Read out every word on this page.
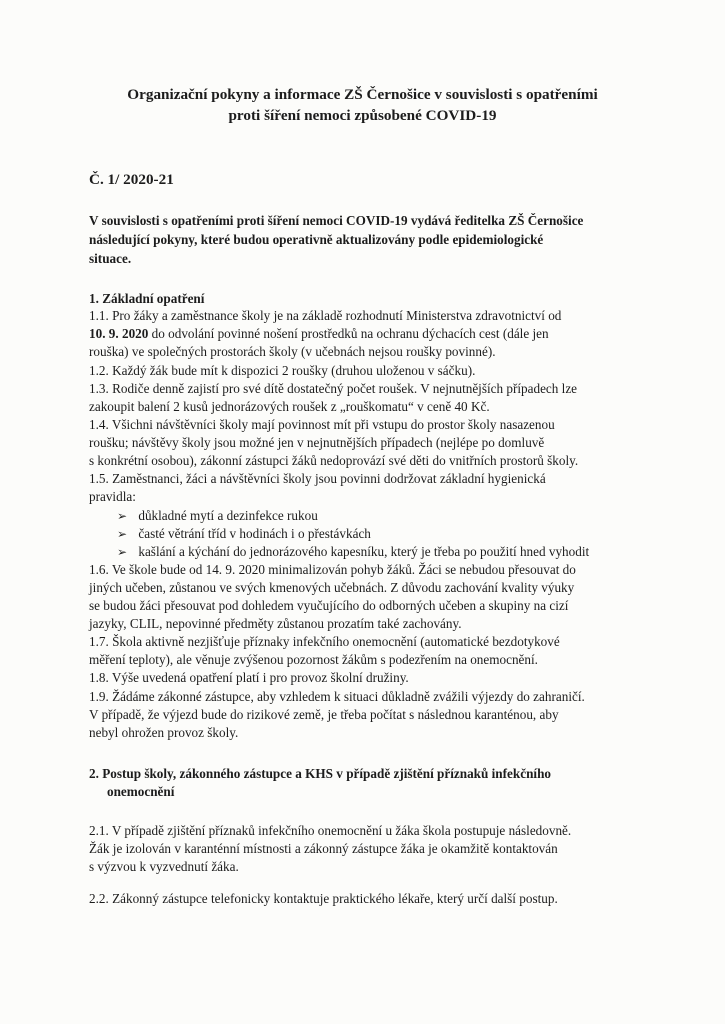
Organizační pokyny a informace ZŠ Černošice v souvislosti s opatřeními
proti šíření nemoci způsobené COVID-19
Č. 1/ 2020-21
V souvislosti s opatřeními proti šíření nemoci COVID-19 vydává ředitelka ZŠ Černošice
následující pokyny, které budou operativně aktualizovány podle epidemiologické
situace.
1. Základní opatření
1.1. Pro žáky a zaměstnance školy je na základě rozhodnutí Ministerstva zdravotnictví od
10. 9. 2020 do odvolání povinné nošení prostředků na ochranu dýchacích cest (dále jen
rouška) ve společných prostorách školy (v učebnách nejsou roušky povinné).
1.2. Každý žák bude mít k dispozici 2 roušky (druhou uloženou v sáčku).
1.3. Rodiče denně zajistí pro své dítě dostatečný počet roušek. V nejnutnějších případech lze
zakoupit balení 2 kusů jednorázových roušek z „rouškomatu“ v ceně 40 Kč.
1.4. Všichni návštěvníci školy mají povinnost mít při vstupu do prostor školy nasazenou
roušku; návštěvy školy jsou možné jen v nejnutnějších případech (nejlépe po domluvě
s konkrétní osobou), zákonní zástupci žáků nedoprovází své děti do vnitřních prostorů školy.
1.5. Zaměstnanci, žáci a návštěvníci školy jsou povinni dodržovat základní hygienická
pravidla:
➢ důkladné mytí a dezinfekce rukou
➢ časté větrání tříd v hodinách i o přestávkách
➢ kašlání a kýchání do jednorázového kapesníku, který je třeba po použití hned vyhodit
1.6. Ve škole bude od 14. 9. 2020 minimalizován pohyb žáků. Žáci se nebudou přesouvat do
jiných učeben, zůstanou ve svých kmenových učebnách. Z důvodu zachování kvality výuky
se budou žáci přesouvat pod dohledem vyučujícího do odborných učeben a skupiny na cizí
jazyky, CLIL, nepovinné předměty zůstanou prozatím také zachovány.
1.7. Škola aktivně nezjišťuje příznaky infekčního onemocnění (automatické bezdotykové
měření teploty), ale věnuje zvýšenou pozornost žákům s podezřením na onemocnění.
1.8. Výše uvedená opatření platí i pro provoz školní družiny.
1.9. Žádáme zákonné zástupce, aby vzhledem k situaci důkladně zvážili výjezdy do zahraničí.
V případě, že výjezd bude do rizikové země, je třeba počítat s následnou karanténou, aby
nebyl ohrožen provoz školy.
2. Postup školy, zákonného zástupce a KHS v případě zjištění příznaků infekčního
onemocnění
2.1. V případě zjištění příznaků infekčního onemocnění u žáka škola postupuje následovně.
Žák je izolován v karanténní místnosti a zákonný zástupce žáka je okamžitě kontaktován
s výzvou k vyzvednutí žáka.
2.2. Zákonný zástupce telefonicky kontaktuje praktického lékaře, který určí další postup.
